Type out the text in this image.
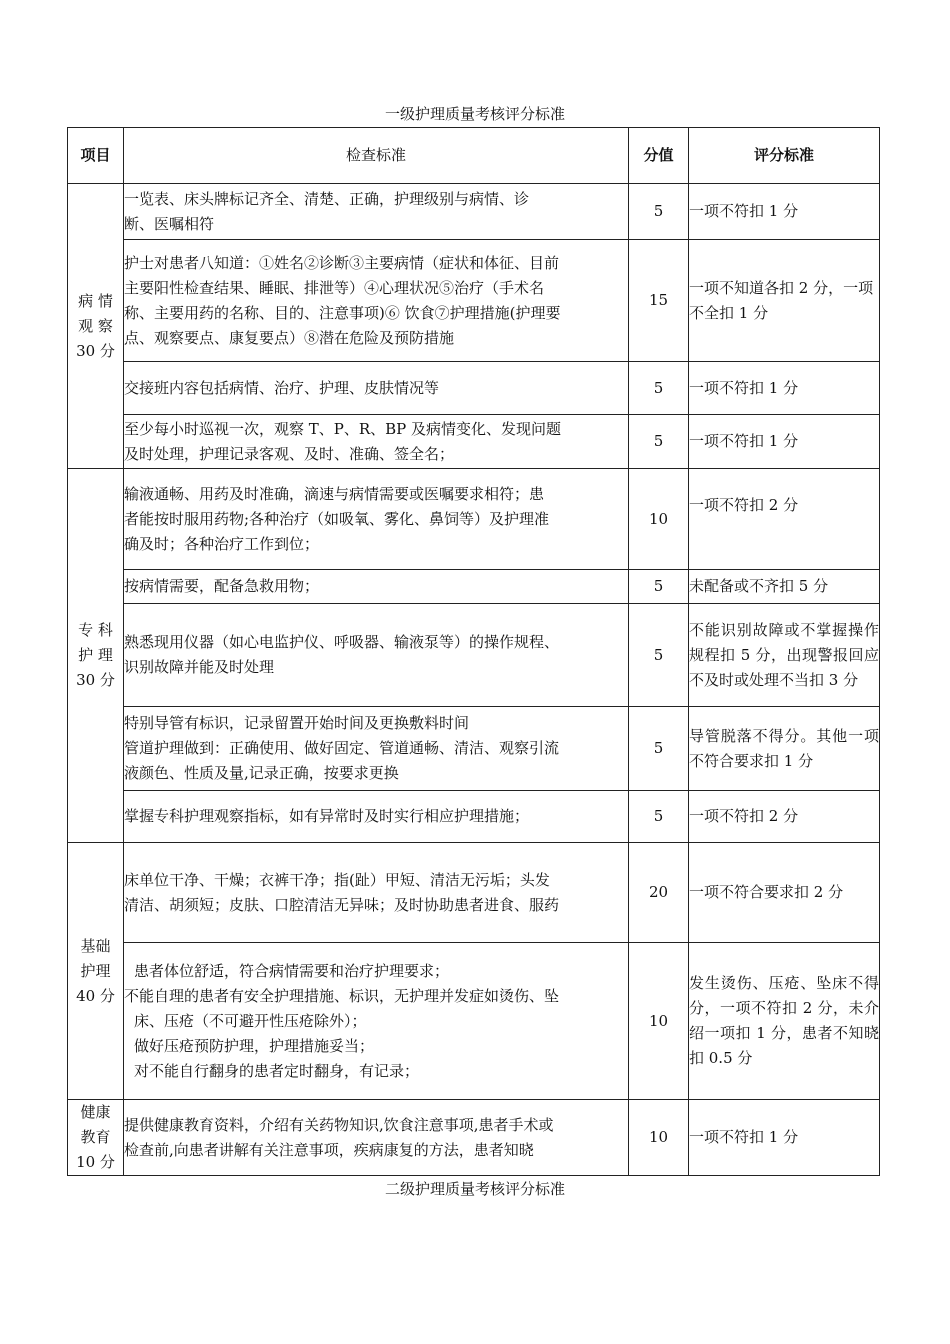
一级护理质量考核评分标准
项目	检查标准	分值	评分标准

病 情
观 察
30 分	一览表、床头牌标记齐全、清楚、正确，护理级别与病情、诊
断、医嘱相符	5	一项不符扣 1 分

	护士对患者八知道：①姓名②诊断③主要病情（症状和体征、目前
主要阳性检查结果、睡眠、排泄等）④心理状况⑤治疗（手术名
称、主要用药的名称、目的、注意事项)⑥ 饮食⑦护理措施(护理要
点、观察要点、康复要点）⑧潜在危险及预防措施	15	一项不知道各扣 2 分，一项不全扣 1 分

	交接班内容包括病情、治疗、护理、皮肤情况等	5	一项不符扣 1 分

	至少每小时巡视一次，观察 T、P、R、BP 及病情变化、发现问题
及时处理，护理记录客观、及时、准确、签全名；	5	一项不符扣 1 分

专 科
护 理
30 分	输液通畅、用药及时准确，滴速与病情需要或医嘱要求相符；患
者能按时服用药物;各种治疗（如吸氧、雾化、鼻饲等）及护理准
确及时；各种治疗工作到位；	10	一项不符扣 2 分

	按病情需要，配备急救用物；	5	未配备或不齐扣 5 分

	熟悉现用仪器（如心电监护仪、呼吸器、输液泵等）的操作规程、
识别故障并能及时处理	5	不能识别故障或不掌握操作规程扣 5 分，出现警报回应不及时或处理不当扣 3 分

	特别导管有标识，记录留置开始时间及更换敷料时间
管道护理做到：正确使用、做好固定、管道通畅、清洁、观察引流
液颜色、性质及量,记录正确，按要求更换	5	导管脱落不得分。其他一项不符合要求扣 1 分

	掌握专科护理观察指标，如有异常时及时实行相应护理措施；	5	一项不符扣 2 分

基础
护理
40 分	床单位干净、干燥；衣裤干净；指(趾）甲短、清洁无污垢；头发
清洁、胡须短；皮肤、口腔清洁无异味；及时协助患者进食、服药	20	一项不符合要求扣 2 分

	患者体位舒适，符合病情需要和治疗护理要求；
不能自理的患者有安全护理措施、标识，无护理并发症如烫伤、坠
床、压疮（不可避开性压疮除外）；
做好压疮预防护理，护理措施妥当；
对不能自行翻身的患者定时翻身，有记录；	10	发生烫伤、压疮、坠床不得分，一项不符扣 2 分，未介绍一项扣 1 分，患者不知晓扣 0.5 分

健康
教育
10 分	提供健康教育资料，介绍有关药物知识,饮食注意事项,患者手术或
检查前,向患者讲解有关注意事项，疾病康复的方法，患者知晓	10	一项不符扣 1 分
二级护理质量考核评分标准
